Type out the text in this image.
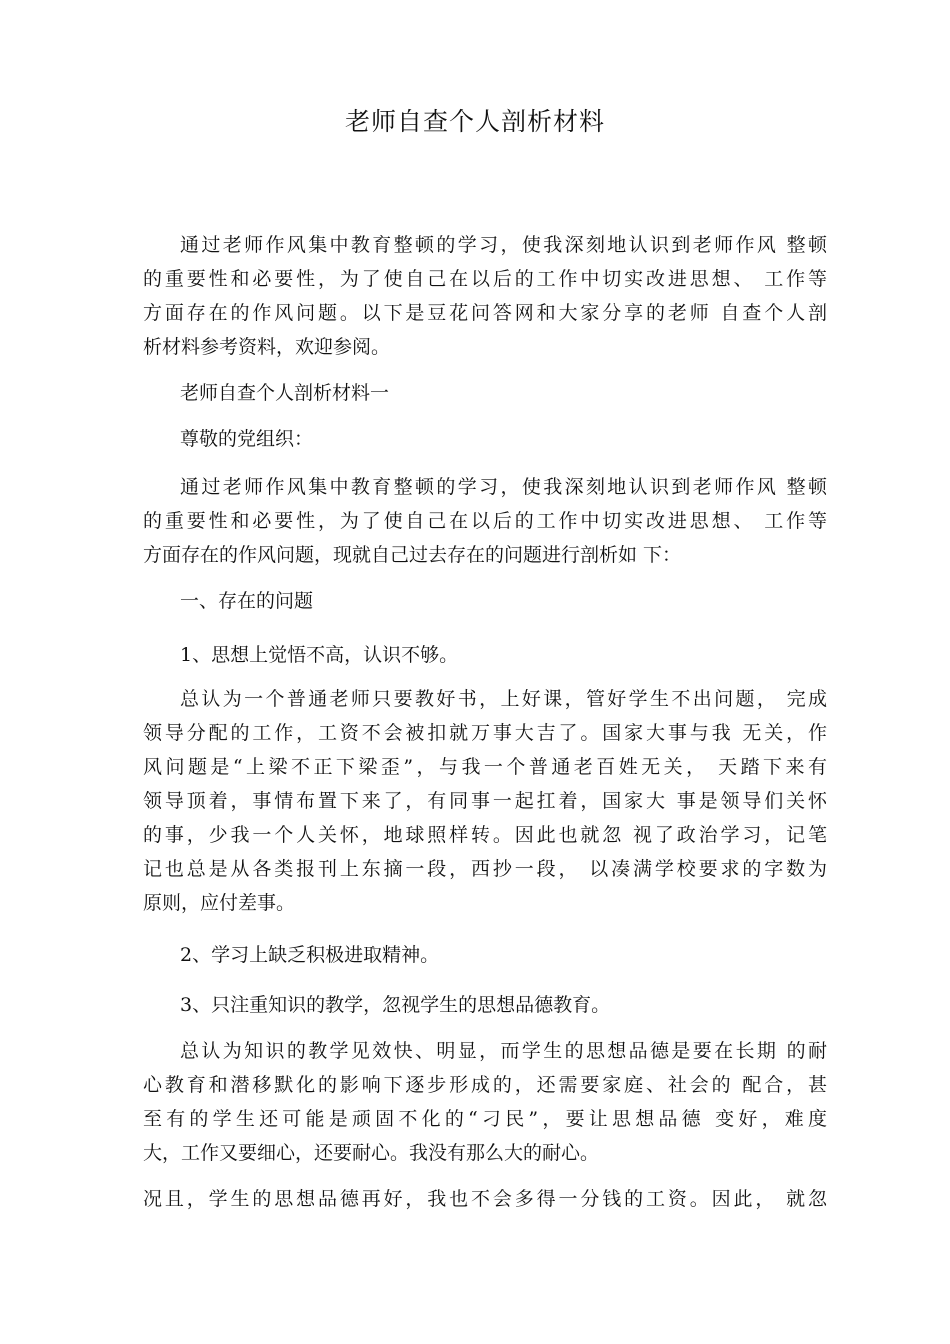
老师自查个人剖析材料
通过老师作风集中教育整顿的学习，使我深刻地认识到老师作风 整顿
的重要性和必要性，为了使自己在以后的工作中切实改进思想、 工作等
方面存在的作风问题。以下是豆花问答网和大家分享的老师 自查个人剖
析材料参考资料，欢迎参阅。
老师自查个人剖析材料一
尊敬的党组织：
通过老师作风集中教育整顿的学习，使我深刻地认识到老师作风 整顿
的重要性和必要性，为了使自己在以后的工作中切实改进思想、 工作等
方面存在的作风问题，现就自己过去存在的问题进行剖析如 下：
一、存在的问题
1、思想上觉悟不高，认识不够。
总认为一个普通老师只要教好书，上好课，管好学生不出问题， 完成
领导分配的工作，工资不会被扣就万事大吉了。国家大事与我 无关，作
风问题是“上梁不正下梁歪”，与我一个普通老百姓无关， 天踏下来有
领导顶着，事情布置下来了，有同事一起扛着，国家大 事是领导们关怀
的事，少我一个人关怀，地球照样转。因此也就忽 视了政治学习，记笔
记也总是从各类报刊上东摘一段，西抄一段， 以凑满学校要求的字数为
原则，应付差事。
2、学习上缺乏积极进取精神。
3、只注重知识的教学，忽视学生的思想品德教育。
总认为知识的教学见效快、明显，而学生的思想品德是要在长期 的耐
心教育和潜移默化的影响下逐步形成的，还需要家庭、社会的 配合，甚
至有的学生还可能是顽固不化的“刁民”，要让思想品德 变好，难度
大，工作又要细心，还要耐心。我没有那么大的耐心。
况且，学生的思想品德再好，我也不会多得一分钱的工资。因此， 就忽
